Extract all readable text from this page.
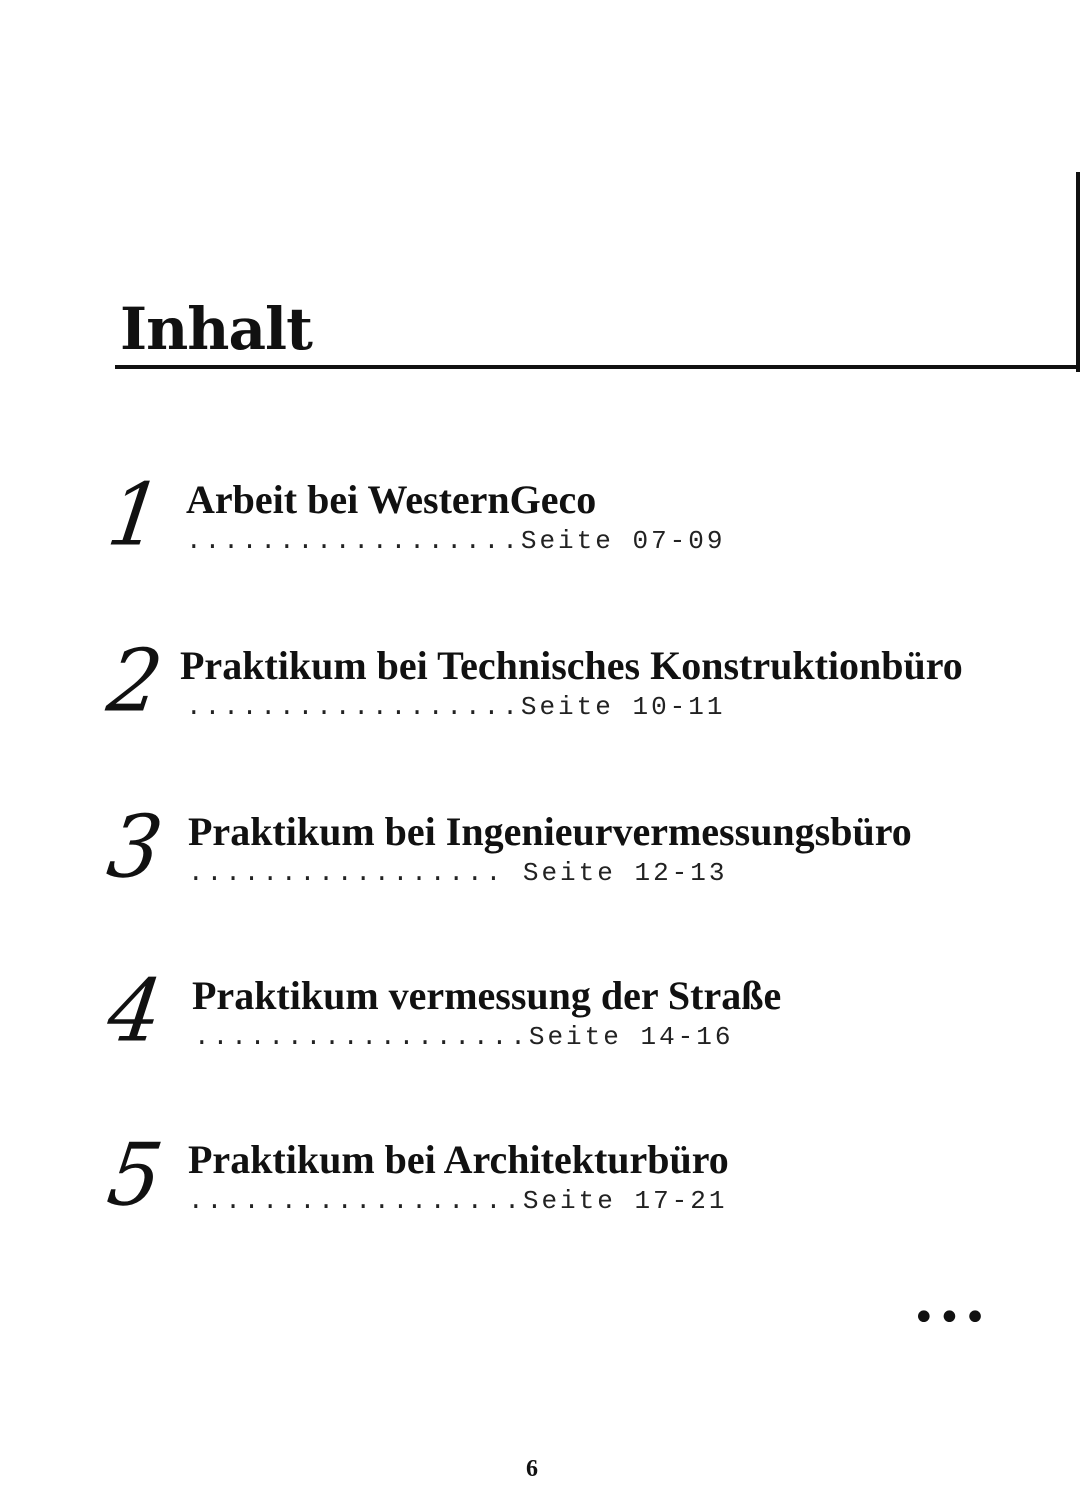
Inhalt
1 Arbeit bei WesternGeco
..................Seite 07-09
2 Praktikum bei Technisches Konstruktionbüro
..................Seite 10-11
3 Praktikum bei Ingenieurvermessungsbüro
................. Seite 12-13
4 Praktikum vermessung der Straße
..................Seite 14-16
5 Praktikum bei Architekturbüro
..................Seite 17-21
•••
6
